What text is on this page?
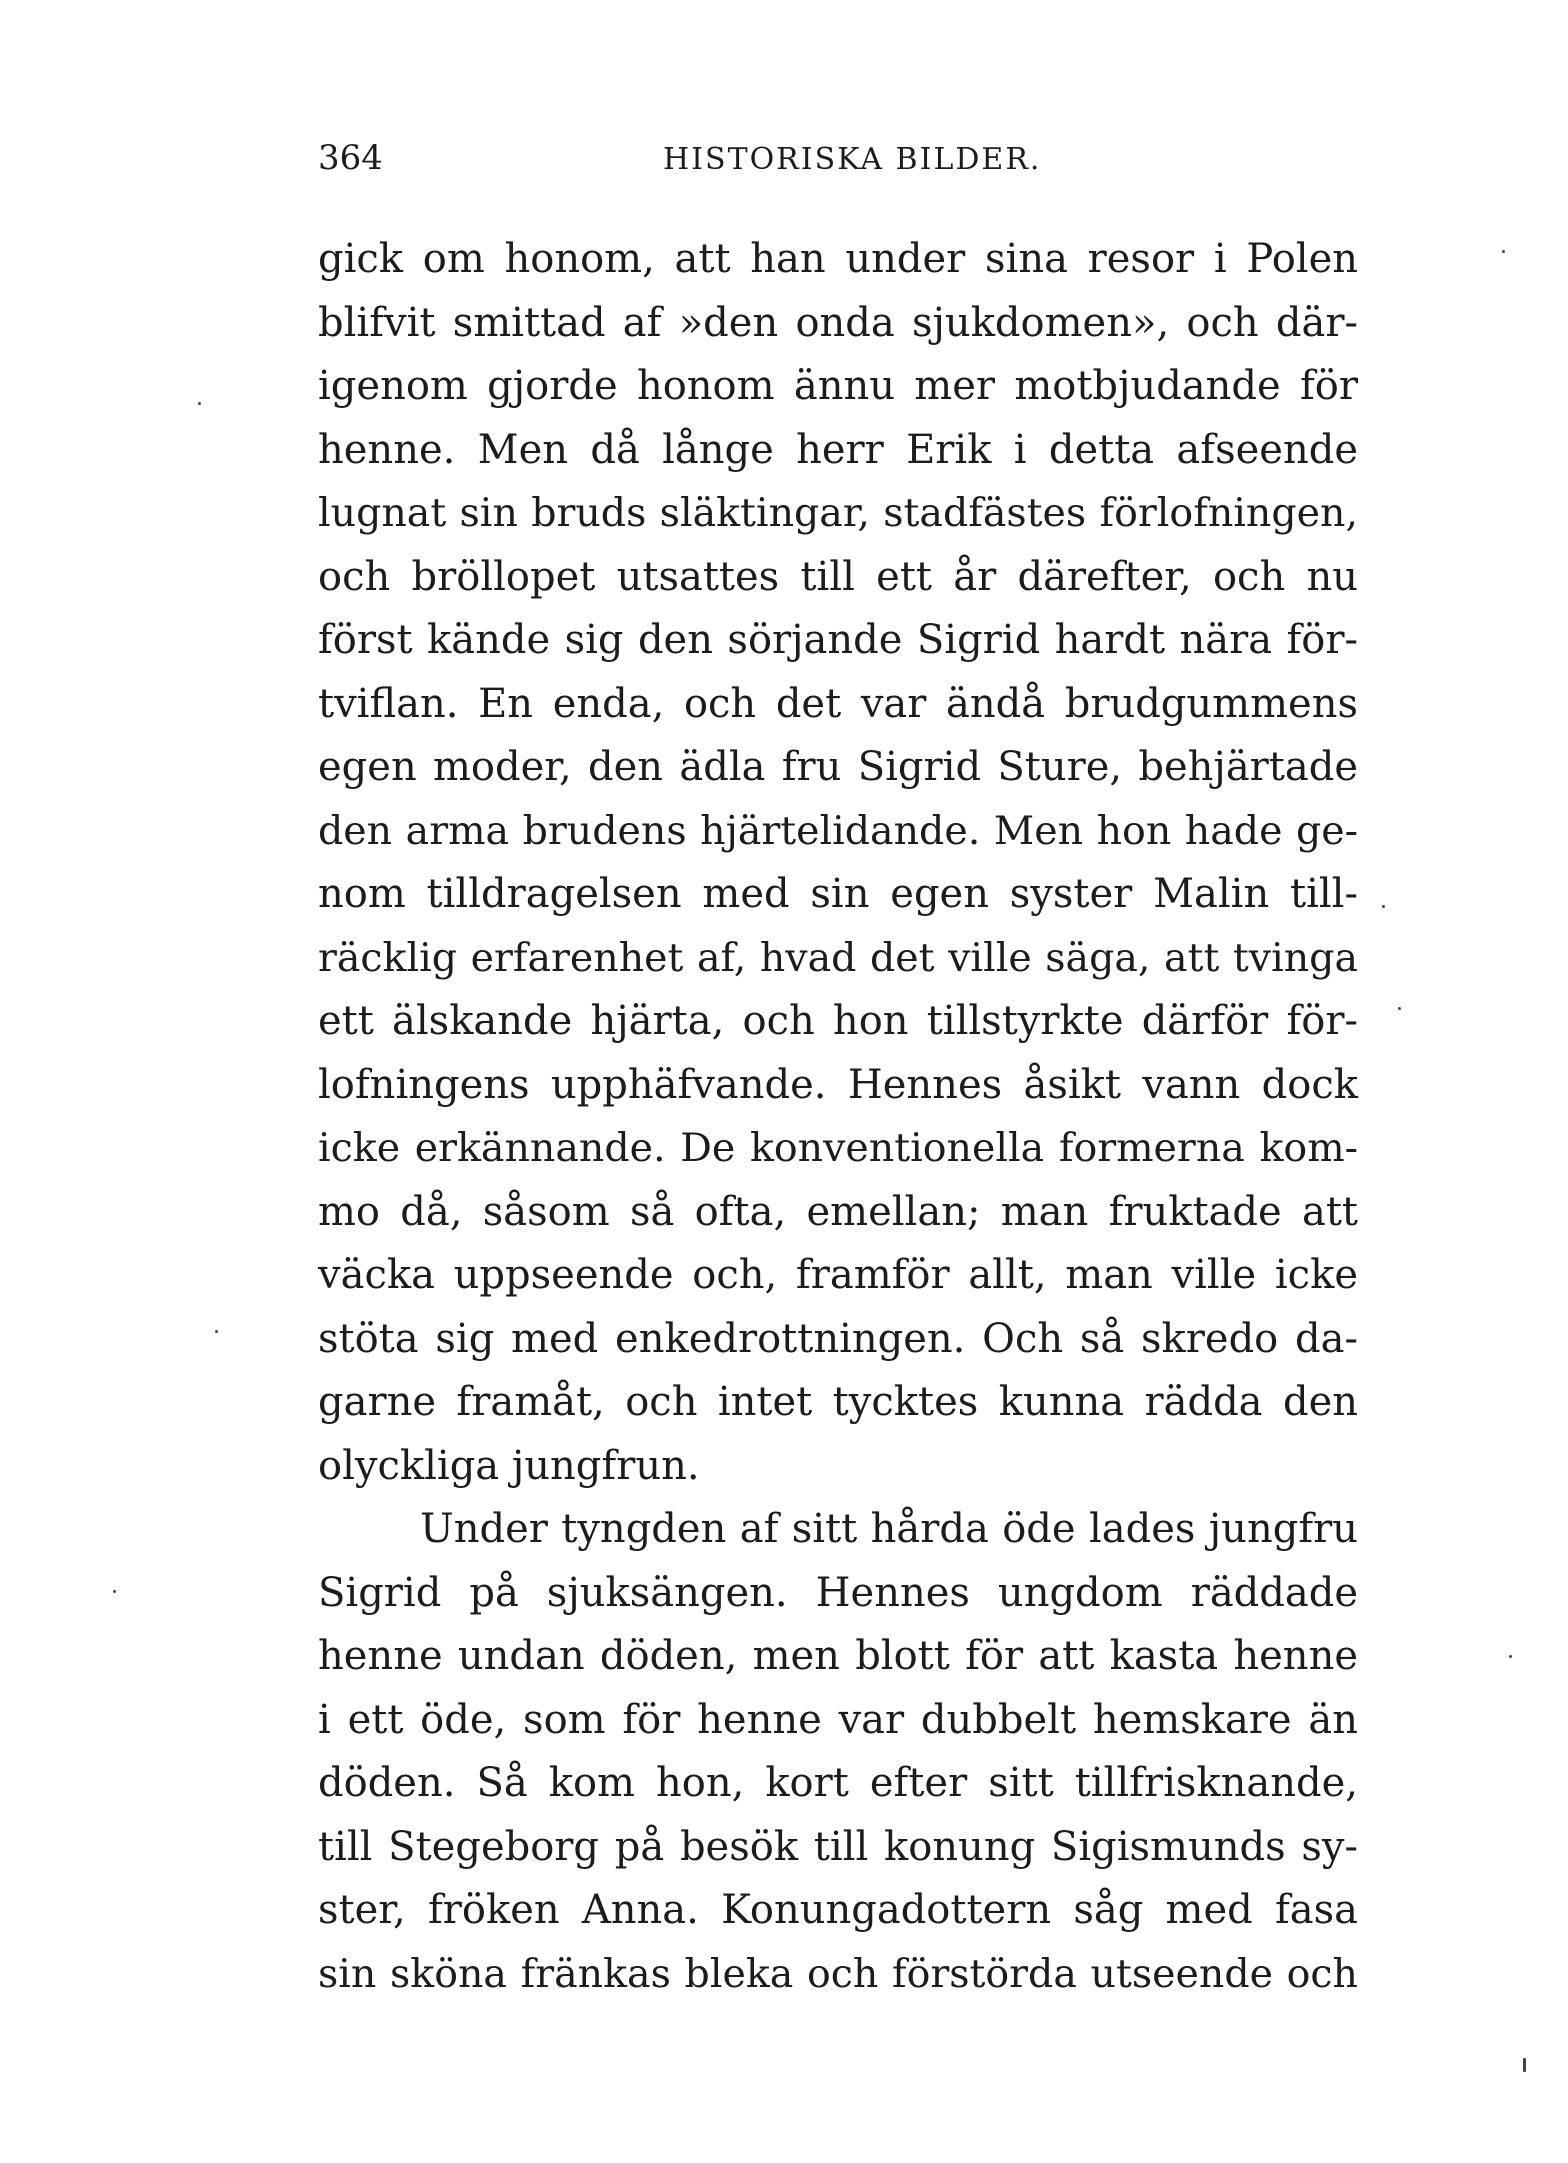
364	HISTORISKA BILDER.
gick om honom, att han under sina resor i Polen
blifvit smittad af »den onda sjukdomen», och där-
igenom gjorde honom ännu mer motbjudande för
henne. Men då långe herr Erik i detta afseende
lugnat sin bruds släktingar, stadfästes förlofningen,
och bröllopet utsattes till ett år därefter, och nu
först kände sig den sörjande Sigrid hardt nära för-
tviflan. En enda, och det var ändå brudgummens
egen moder, den ädla fru Sigrid Sture, behjärtade
den arma brudens hjärtelidande. Men hon hade ge-
nom tilldragelsen med sin egen syster Malin till-
räcklig erfarenhet af, hvad det ville säga, att tvinga
ett älskande hjärta, och hon tillstyrkte därför för-
lofningens upphäfvande. Hennes åsikt vann dock
icke erkännande. De konventionella formerna kom-
mo då, såsom så ofta, emellan; man fruktade att
väcka uppseende och, framför allt, man ville icke
stöta sig med enkedrottningen. Och så skredo da-
garne framåt, och intet tycktes kunna rädda den
olyckliga jungfrun.
Under tyngden af sitt hårda öde lades jungfru
Sigrid på sjuksängen. Hennes ungdom räddade
henne undan döden, men blott för att kasta henne
i ett öde, som för henne var dubbelt hemskare än
döden. Så kom hon, kort efter sitt tillfrisknande,
till Stegeborg på besök till konung Sigismunds sy-
ster, fröken Anna. Konungadottern såg med fasa
sin sköna fränkas bleka och förstörda utseende och
